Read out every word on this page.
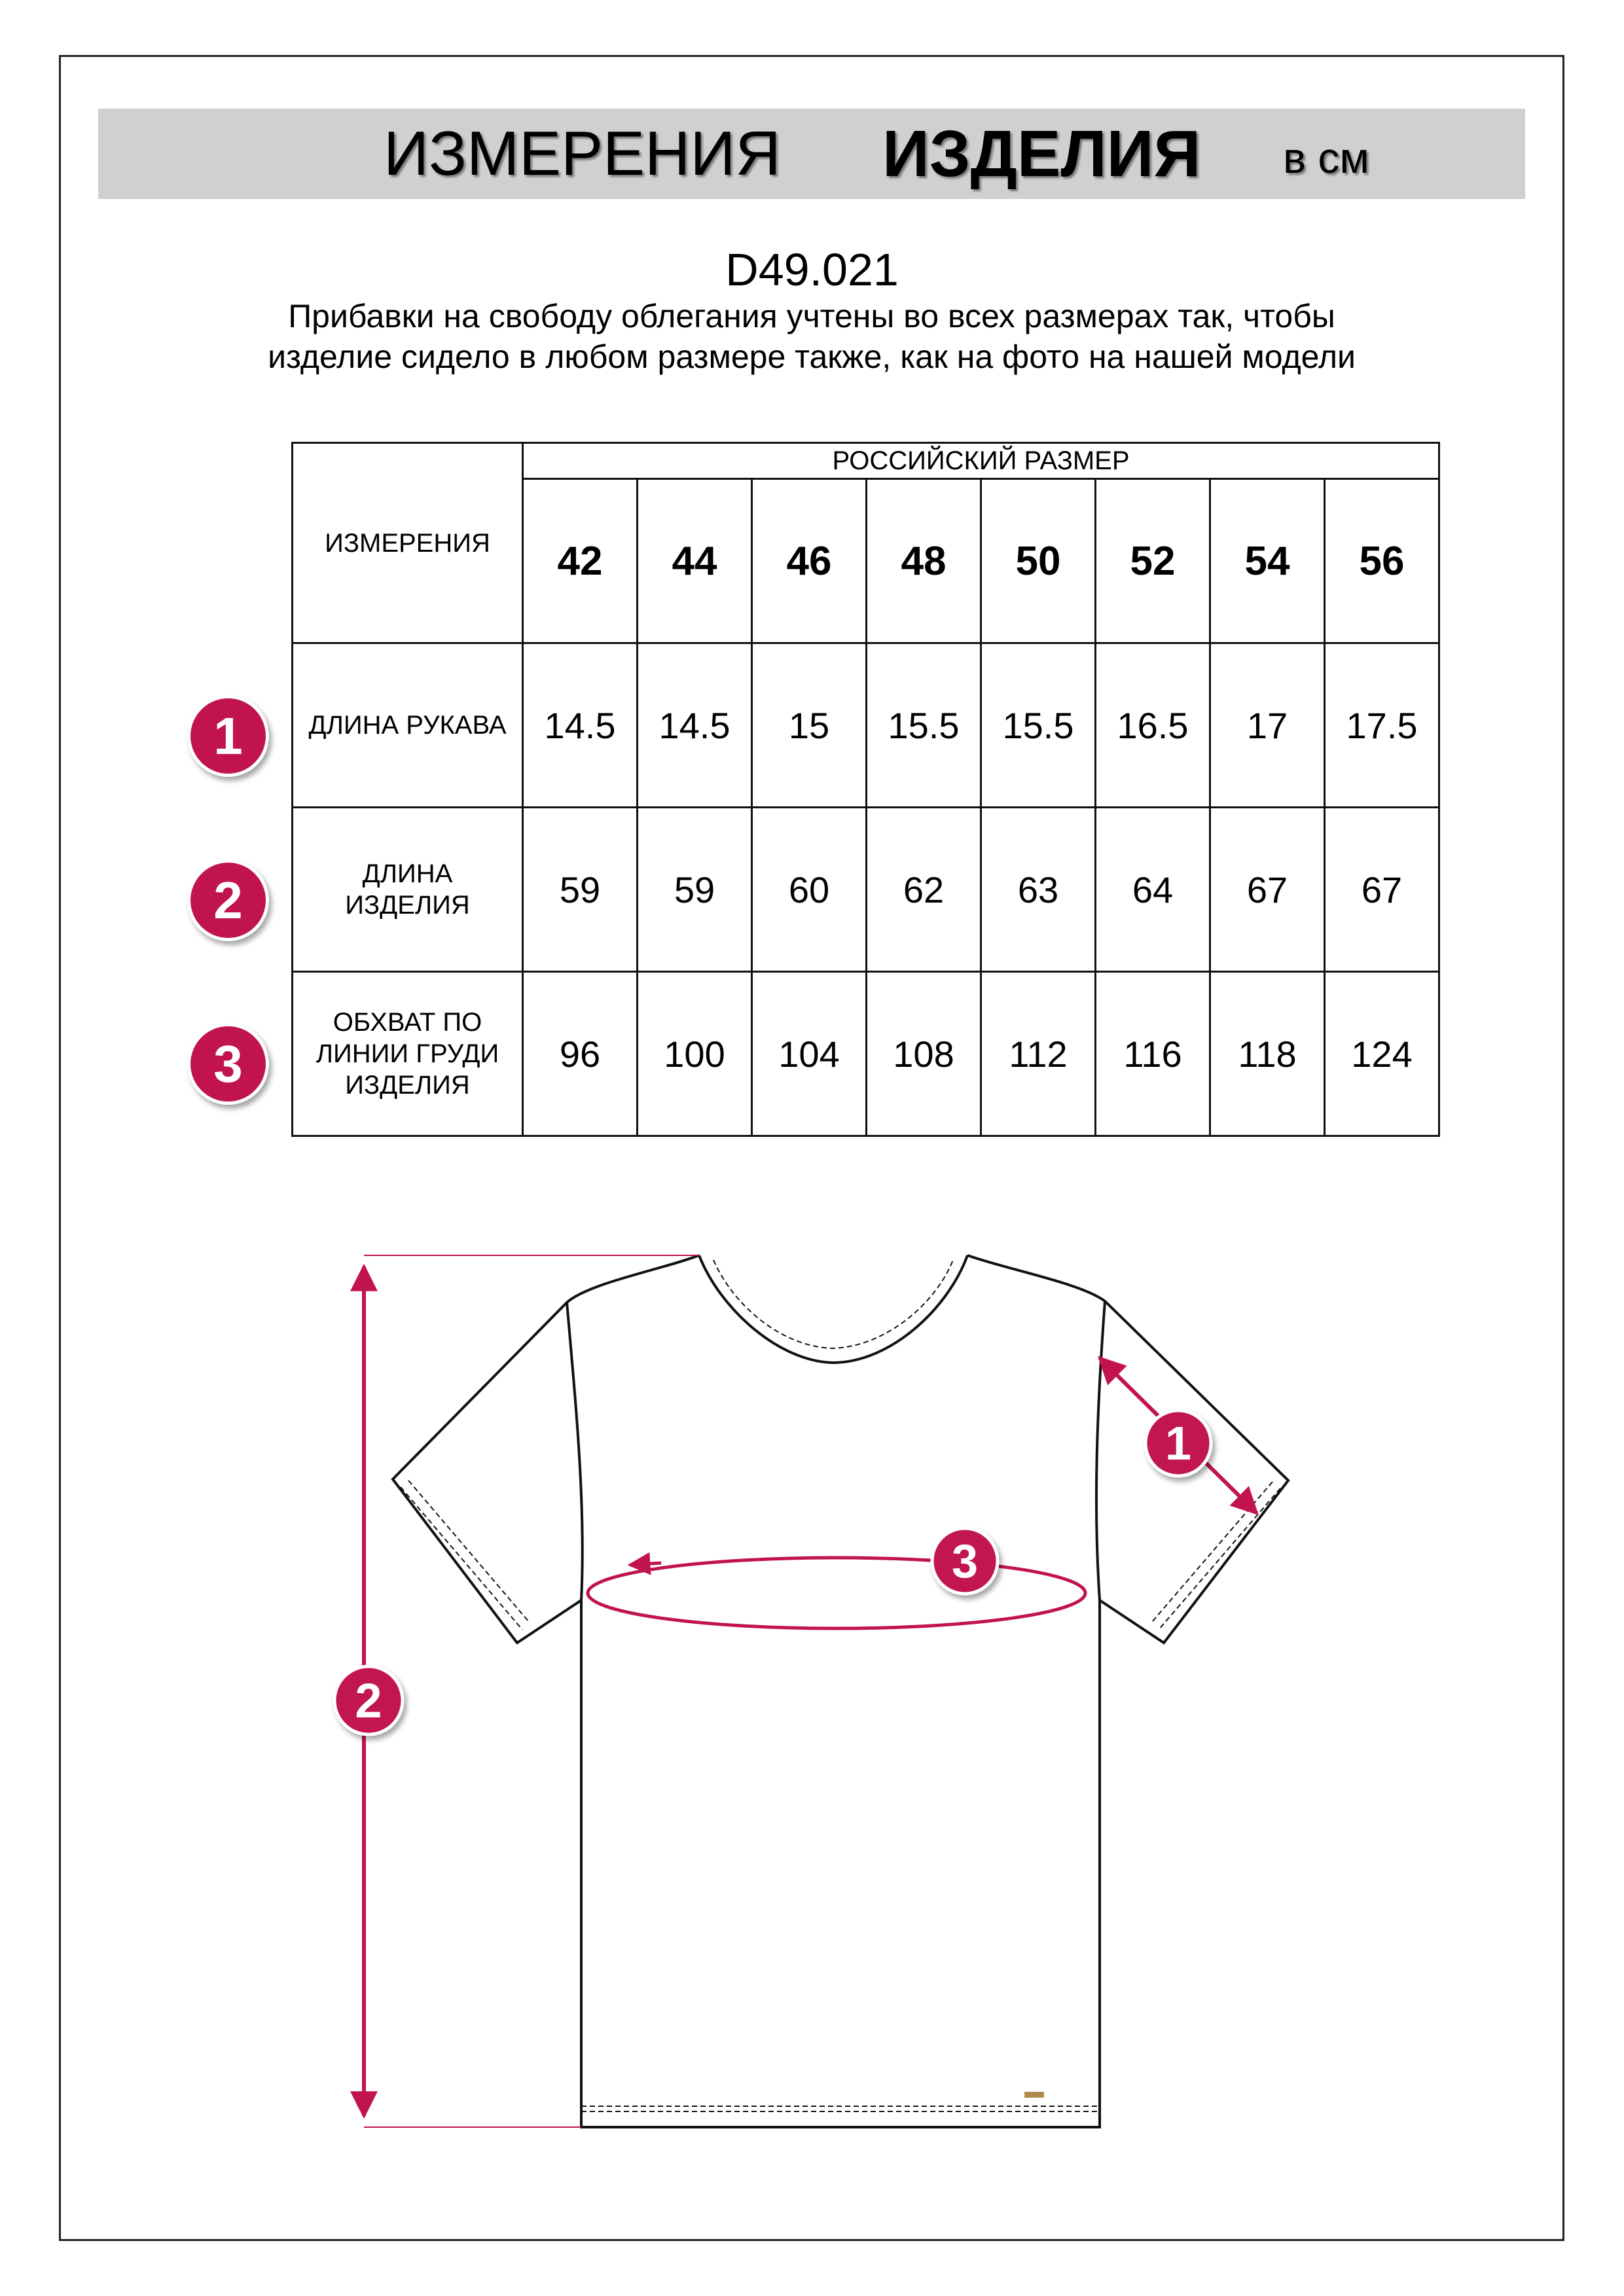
ИЗМЕРЕНИЯ ИЗДЕЛИЯ в см
D49.021
Прибавки на свободу облегания учтены во всех размерах так, чтобы изделие сидело в любом размере также, как на фото на нашей модели
ИЗМЕРЕНИЯ	РОССИЙСКИЙ РАЗМЕР							
	42	44	46	48	50	52	54	56
ДЛИНА РУКАВА	14.5	14.5	15	15.5	15.5	16.5	17	17.5
ДЛИНА ИЗДЕЛИЯ	59	59	60	62	63	64	67	67
ОБХВАТ ПО ЛИНИИ ГРУДИ ИЗДЕЛИЯ	96	100	104	108	112	116	118	124
1
2
3
1
2
3
